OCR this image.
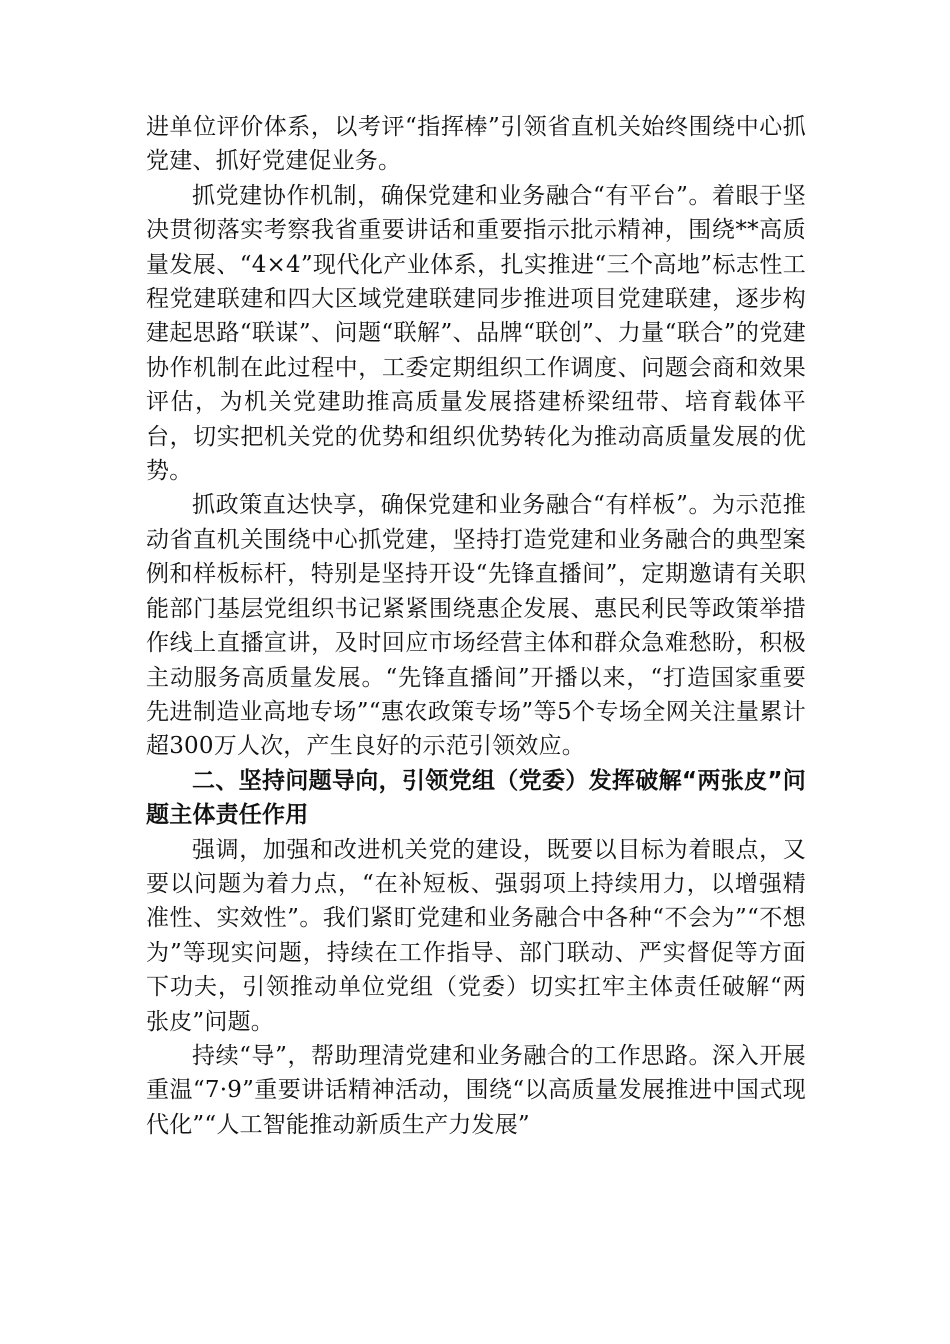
进单位评价体系，以考评“指挥棒”引领省直机关始终围绕中心抓党建、抓好党建促业务。

抓党建协作机制，确保党建和业务融合“有平台”。着眼于坚决贯彻落实考察我省重要讲话和重要指示批示精神，围绕**高质量发展、“4×4”现代化产业体系，扎实推进“三个高地”标志性工程党建联建和四大区域党建联建同步推进项目党建联建，逐步构建起思路“联谋”、问题“联解”、品牌“联创”、力量“联合”的党建协作机制在此过程中，工委定期组织工作调度、问题会商和效果评估，为机关党建助推高质量发展搭建桥梁纽带、培育载体平台，切实把机关党的优势和组织优势转化为推动高质量发展的优势。

抓政策直达快享，确保党建和业务融合“有样板”。为示范推动省直机关围绕中心抓党建，坚持打造党建和业务融合的典型案例和样板标杆，特别是坚持开设“先锋直播间”，定期邀请有关职能部门基层党组织书记紧紧围绕惠企发展、惠民利民等政策举措作线上直播宣讲，及时回应市场经营主体和群众急难愁盼，积极主动服务高质量发展。“先锋直播间”开播以来，“打造国家重要先进制造业高地专场”“惠农政策专场”等5个专场全网关注量累计超300万人次，产生良好的示范引领效应。

二、坚持问题导向，引领党组（党委）发挥破解“两张皮”问题主体责任作用

强调，加强和改进机关党的建设，既要以目标为着眼点，又要以问题为着力点，“在补短板、强弱项上持续用力，以增强精准性、实效性”。我们紧盯党建和业务融合中各种“不会为”“不想为”等现实问题，持续在工作指导、部门联动、严实督促等方面下功夫，引领推动单位党组（党委）切实扛牢主体责任破解“两张皮”问题。

持续“导”，帮助理清党建和业务融合的工作思路。深入开展重温“7·9”重要讲话精神活动，围绕“以高质量发展推进中国式现代化”“人工智能推动新质生产力发展”
